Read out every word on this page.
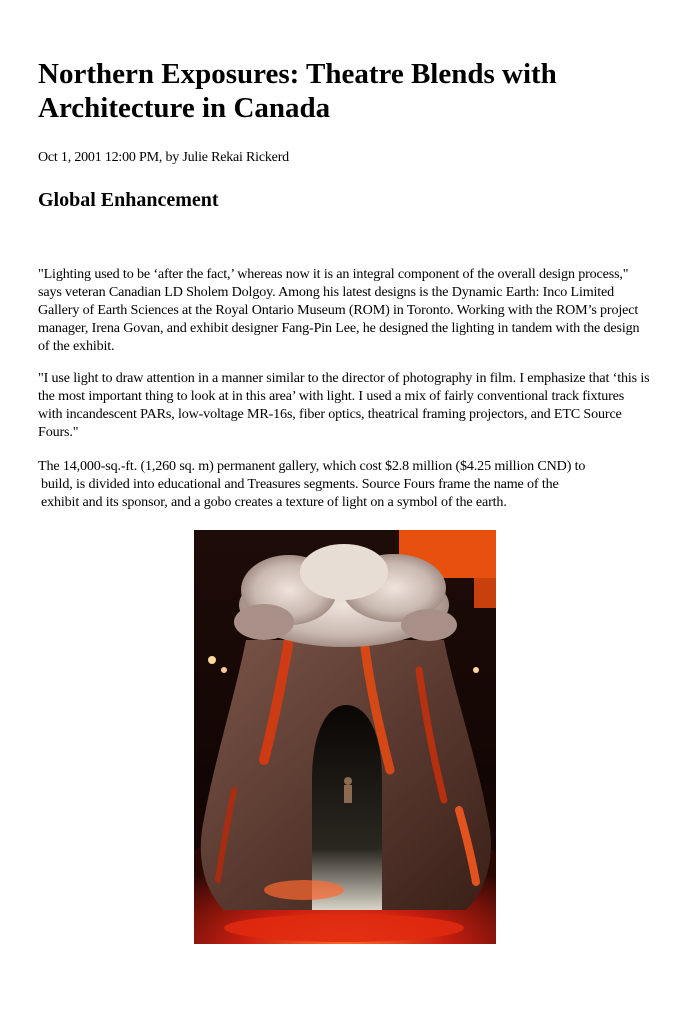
Northern Exposures: Theatre Blends with Architecture in Canada
Oct 1, 2001 12:00 PM, by Julie Rekai Rickerd
Global Enhancement

"Lighting used to be ‘after the fact,’ whereas now it is an integral component of the overall design process," says veteran Canadian LD Sholem Dolgoy. Among his latest designs is the Dynamic Earth: Inco Limited Gallery of Earth Sciences at the Royal Ontario Museum (ROM) in Toronto. Working with the ROM’s project manager, Irena Govan, and exhibit designer Fang-Pin Lee, he designed the lighting in tandem with the design of the exhibit.

"I use light to draw attention in a manner similar to the director of photography in film. I emphasize that ‘this is the most important thing to look at in this area’ with light. I used a mix of fairly conventional track fixtures with incandescent PARs, low-voltage MR-16s, fiber optics, theatrical framing projectors, and ETC Source Fours."

The 14,000-sq.-ft. (1,260 sq. m) permanent gallery, which cost $2.8 million ($4.25 million CND) to
build, is divided into educational and Treasures segments. Source Fours frame the name of the
exhibit and its sponsor, and a gobo creates a texture of light on a symbol of the earth.
